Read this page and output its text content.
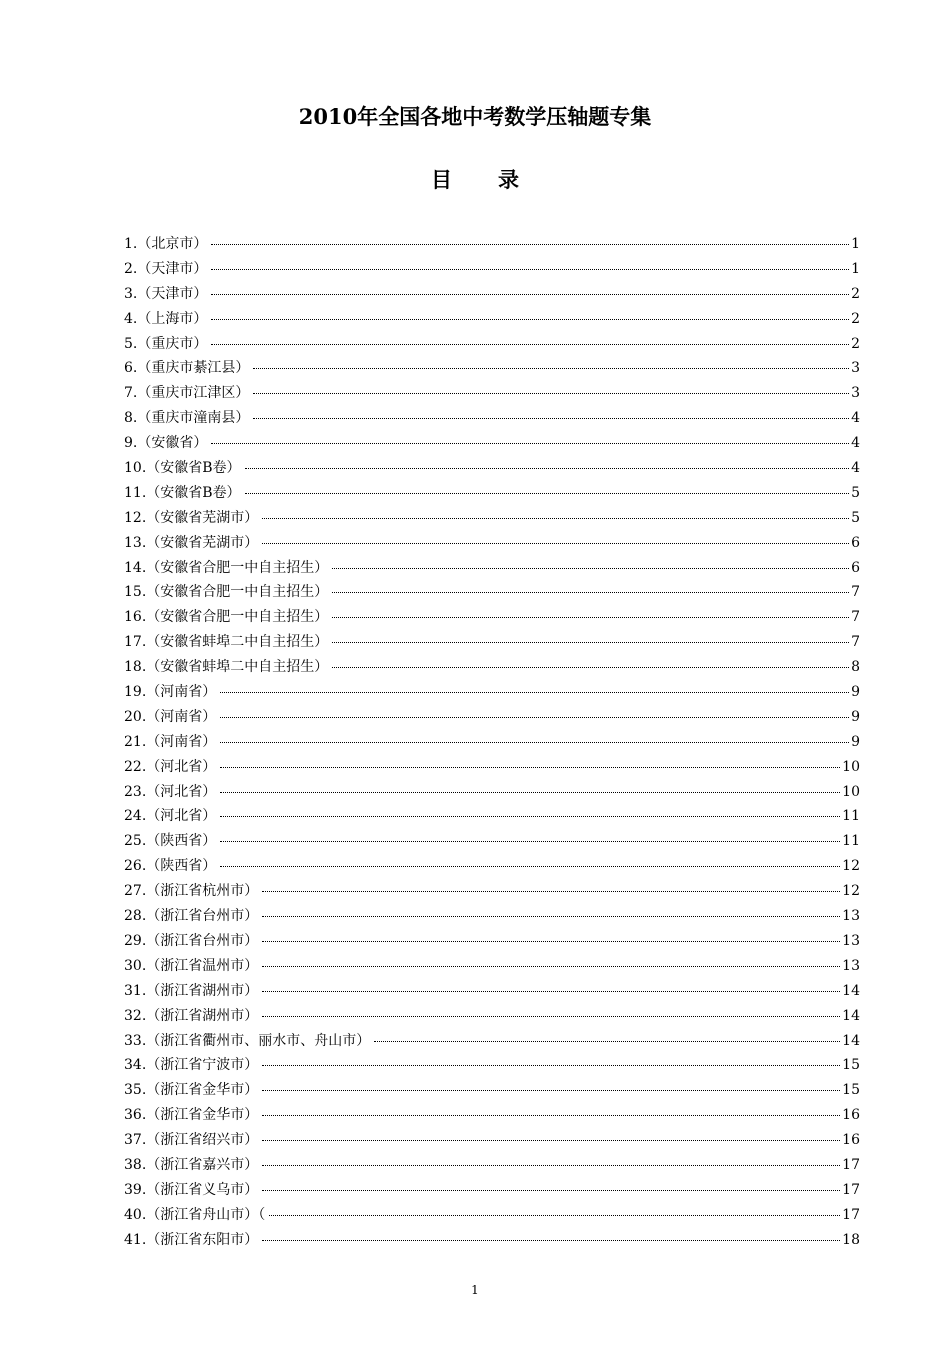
2010年全国各地中考数学压轴题专集
目录
1.（北京市）	1
2.（天津市）	1
3.（天津市）	2
4.（上海市）	2
5.（重庆市）	2
6.（重庆市綦江县）	3
7.（重庆市江津区）	3
8.（重庆市潼南县）	4
9.（安徽省）	4
10.（安徽省B卷）	4
11.（安徽省B卷）	5
12.（安徽省芜湖市）	5
13.（安徽省芜湖市）	6
14.（安徽省合肥一中自主招生）	6
15.（安徽省合肥一中自主招生）	7
16.（安徽省合肥一中自主招生）	7
17.（安徽省蚌埠二中自主招生）	7
18.（安徽省蚌埠二中自主招生）	8
19.（河南省）	9
20.（河南省）	9
21.（河南省）	9
22.（河北省）	10
23.（河北省）	10
24.（河北省）	11
25.（陕西省）	11
26.（陕西省）	12
27.（浙江省杭州市）	12
28.（浙江省台州市）	13
29.（浙江省台州市）	13
30.（浙江省温州市）	13
31.（浙江省湖州市）	14
32.（浙江省湖州市）	14
33.（浙江省衢州市、丽水市、舟山市）	14
34.（浙江省宁波市）	15
35.（浙江省金华市）	15
36.（浙江省金华市）	16
37.（浙江省绍兴市）	16
38.（浙江省嘉兴市）	17
39.（浙江省义乌市）	17
40.（浙江省舟山市）（	17
41.（浙江省东阳市）	18
1
